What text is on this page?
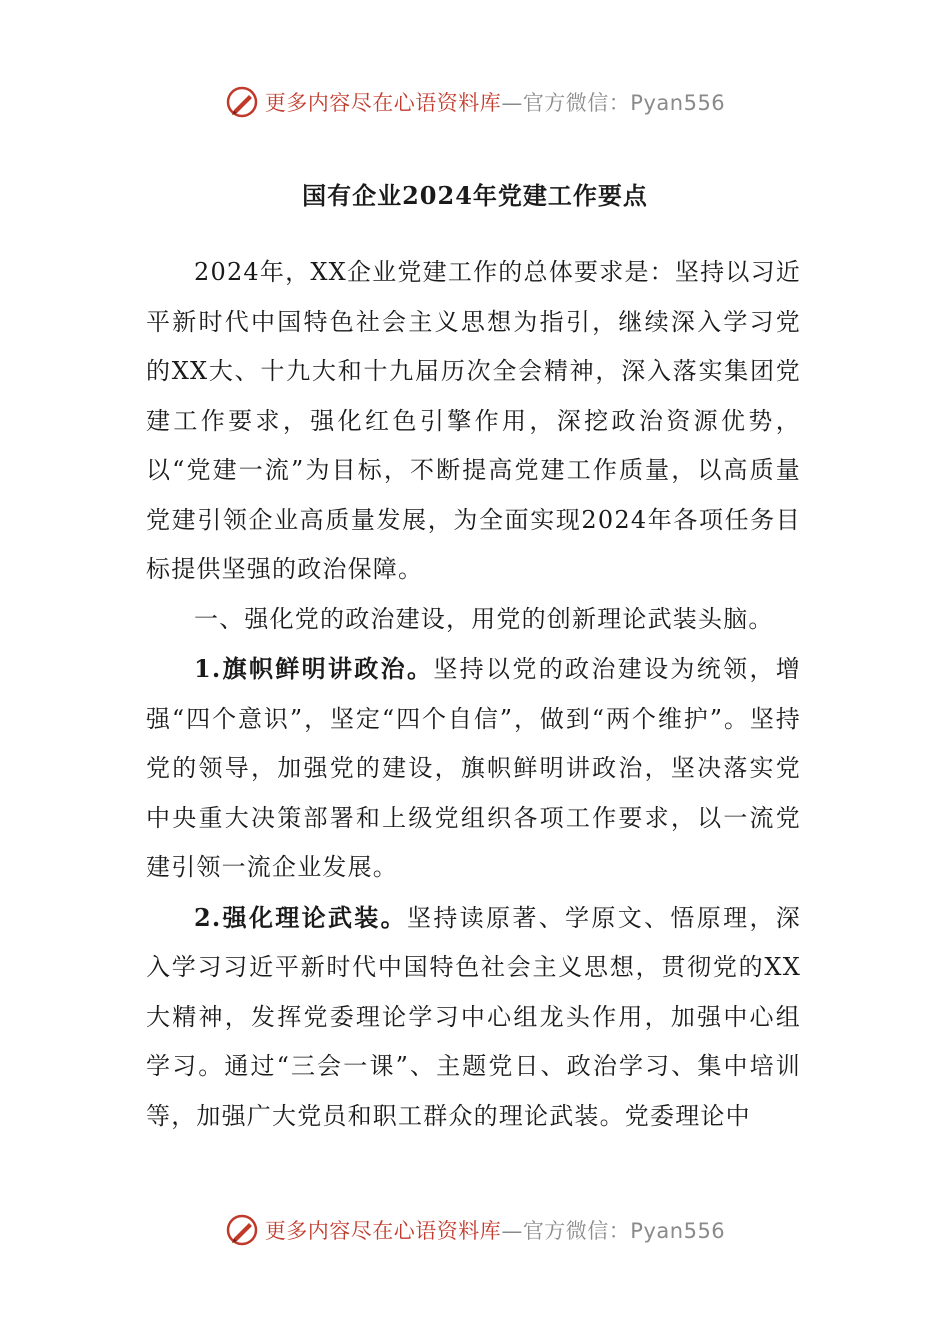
更多内容尽在心语资料库—官方微信：Pyan556
国有企业2024年党建工作要点

2024年，XX企业党建工作的总体要求是：坚持以习近平新时代中国特色社会主义思想为指引，继续深入学习党的XX大、十九大和十九届历次全会精神，深入落实集团党建工作要求，强化红色引擎作用，深挖政治资源优势，以“党建一流”为目标，不断提高党建工作质量，以高质量党建引领企业高质量发展，为全面实现2024年各项任务目标提供坚强的政治保障。

一、强化党的政治建设，用党的创新理论武装头脑。

1.旗帜鲜明讲政治。坚持以党的政治建设为统领，增强“四个意识”，坚定“四个自信”，做到“两个维护”。坚持党的领导，加强党的建设，旗帜鲜明讲政治，坚决落实党中央重大决策部署和上级党组织各项工作要求，以一流党建引领一流企业发展。

2.强化理论武装。坚持读原著、学原文、悟原理，深入学习习近平新时代中国特色社会主义思想，贯彻党的XX大精神，发挥党委理论学习中心组龙头作用，加强中心组学习。通过“三会一课”、主题党日、政治学习、集中培训等，加强广大党员和职工群众的理论武装。党委理论中

更多内容尽在心语资料库—官方微信：Pyan556
